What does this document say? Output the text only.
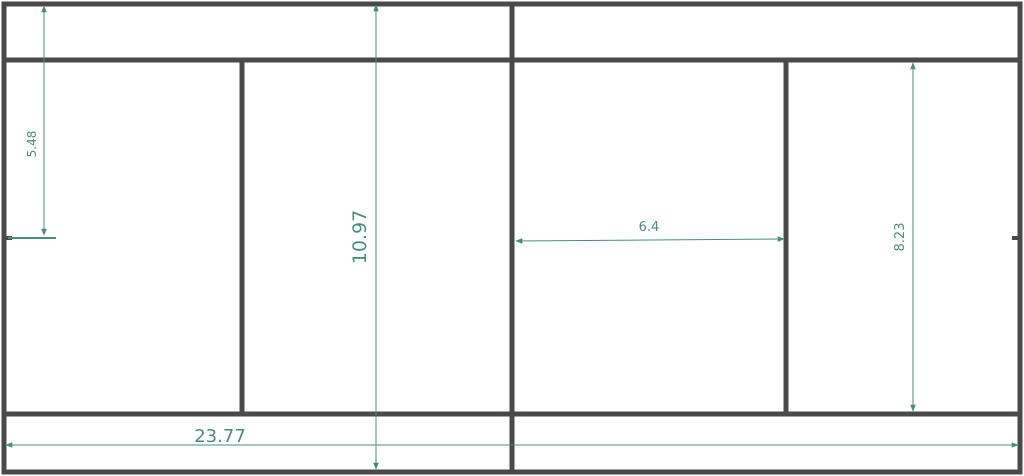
5.48
10.97	6.4	8.23
23.77
